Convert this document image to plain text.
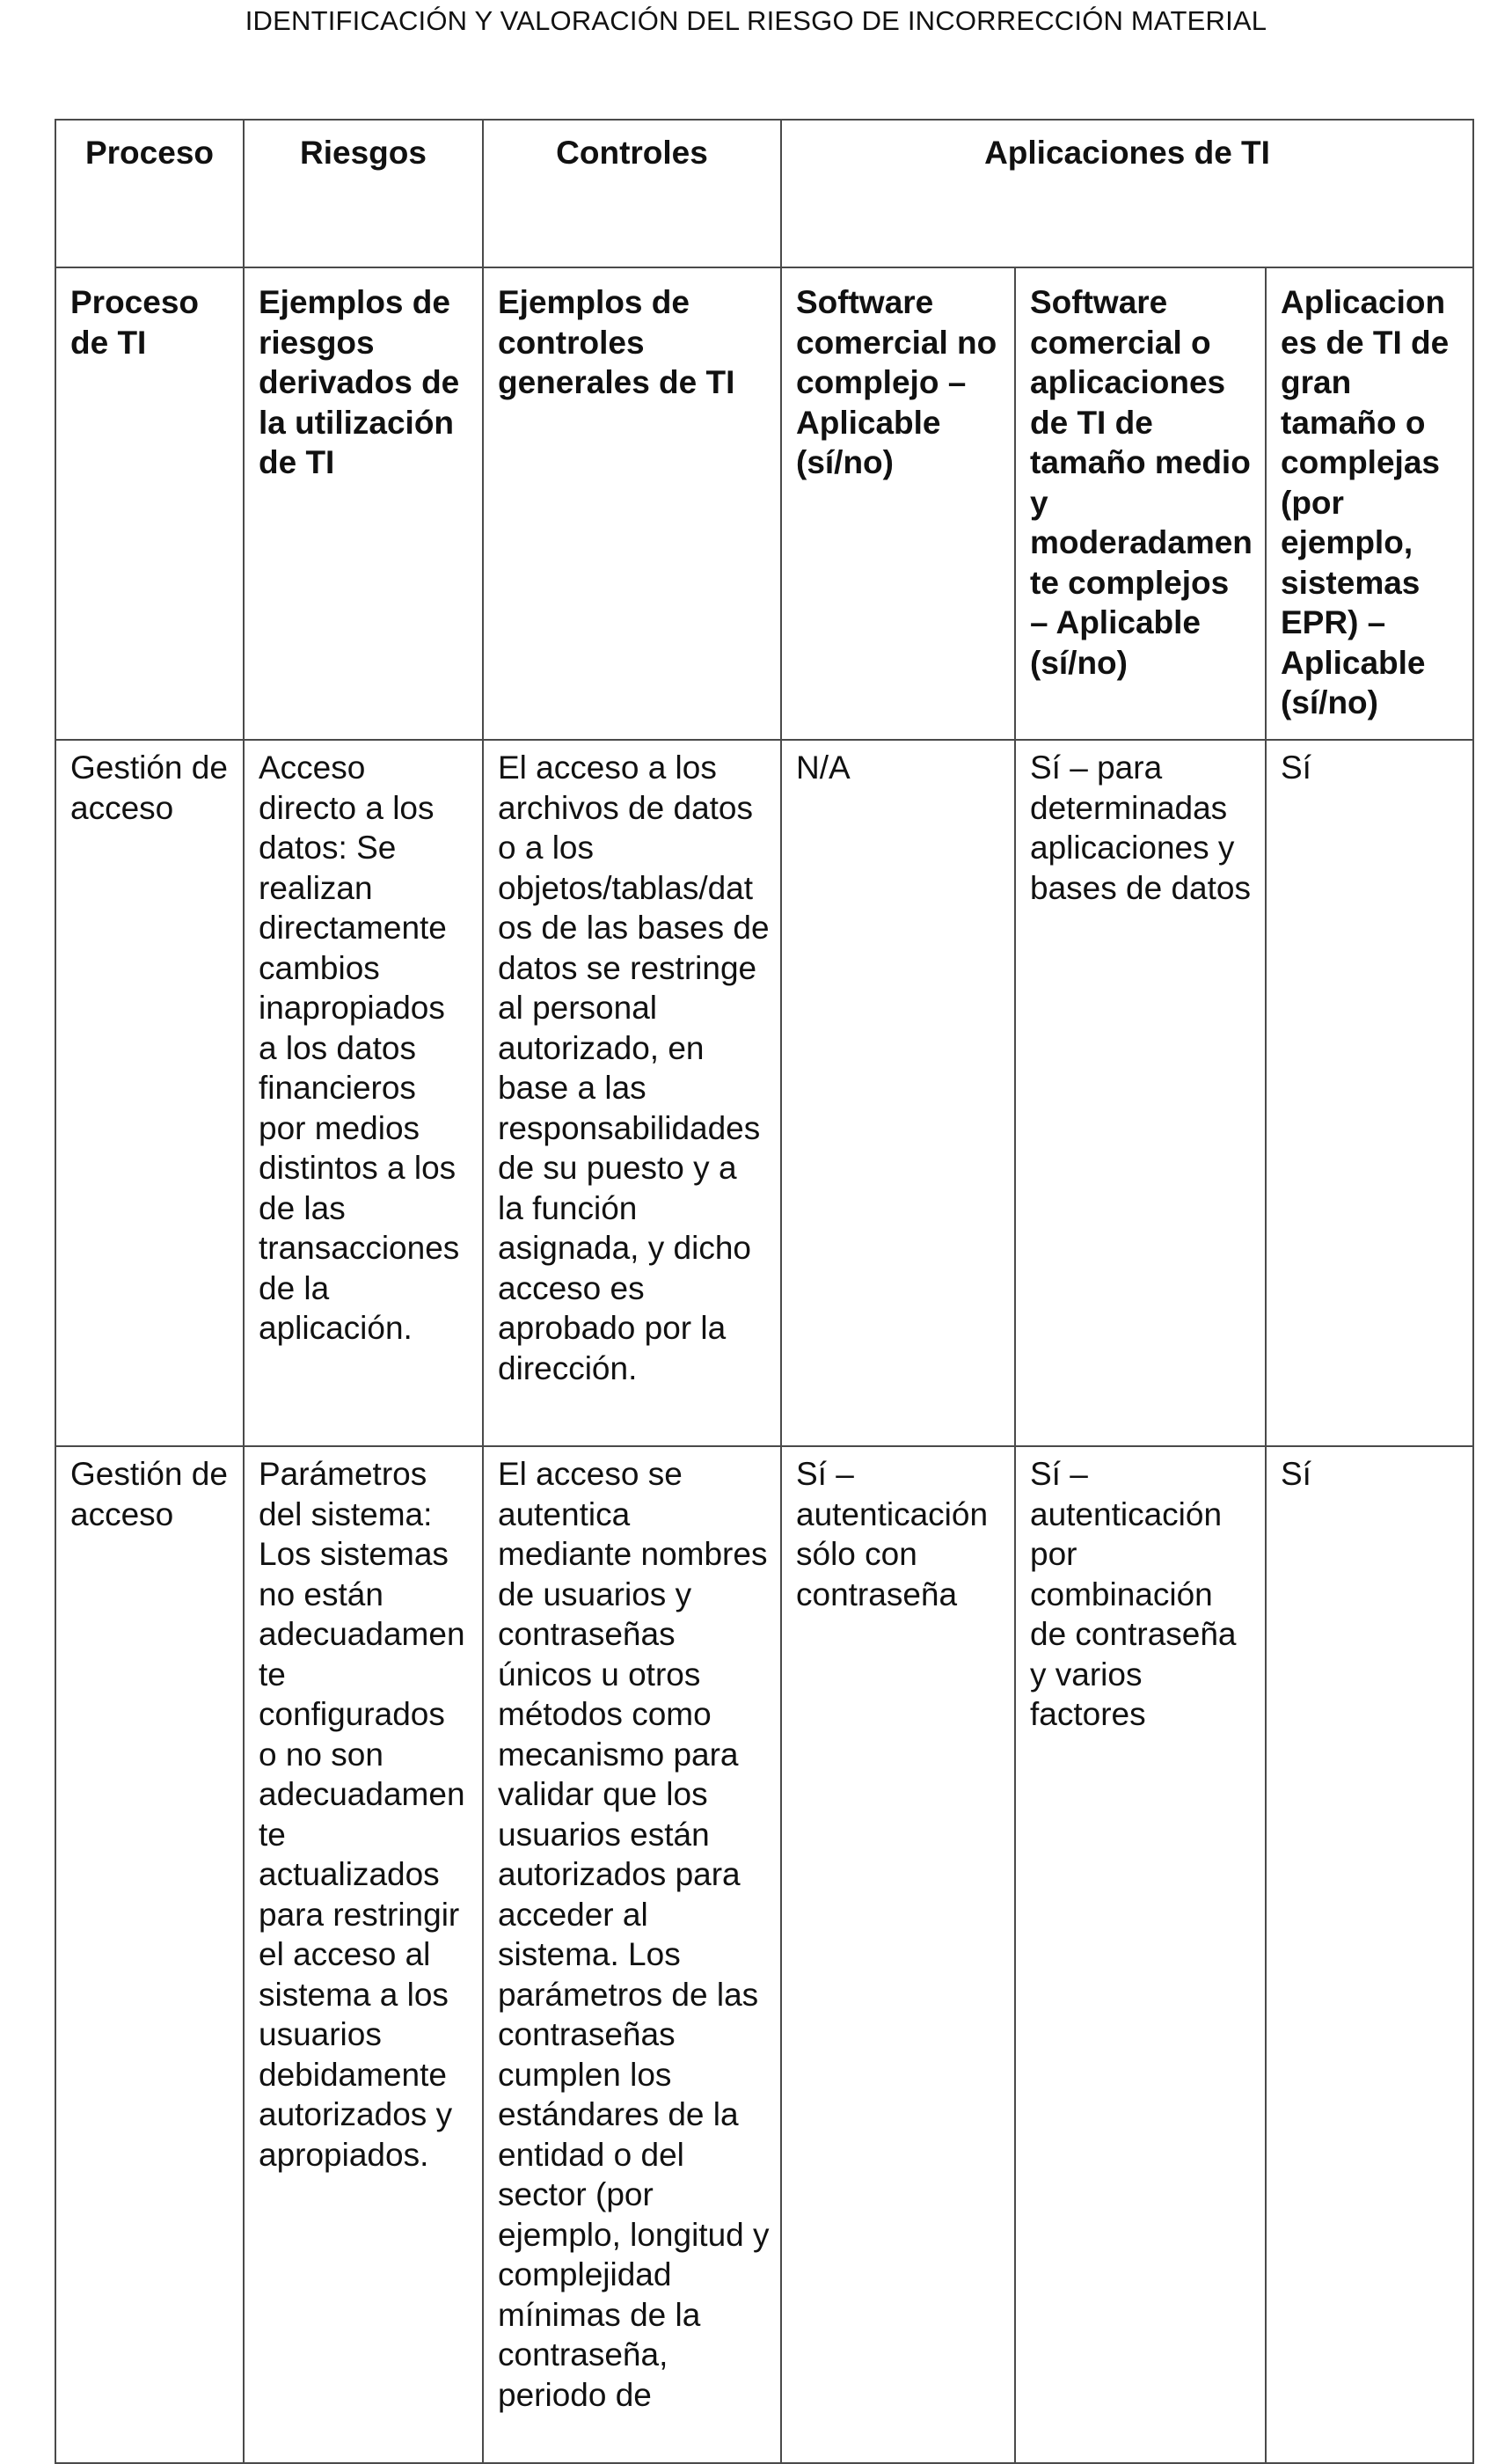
IDENTIFICACIÓN Y VALORACIÓN DEL RIESGO DE INCORRECCIÓN MATERIAL
Proceso	Riesgos	Controles	Aplicaciones de TI		
Proceso de TI	Ejemplos de riesgos derivados de la utilización de TI	Ejemplos de controles generales de TI	Software comercial no complejo – Aplicable (sí/no)	Software comercial o aplicaciones de TI de tamaño medio y moderadamente complejos – Aplicable (sí/no)	Aplicaciones de TI de gran tamaño o complejas (por ejemplo, sistemas EPR) – Aplicable (sí/no)
Gestión de acceso	Acceso directo a los datos: Se realizan directamente cambios inapropiados a los datos financieros por medios distintos a los de las transacciones de la aplicación.	El acceso a los archivos de datos o a los objetos/tablas/datos de las bases de datos se restringe al personal autorizado, en base a las responsabilidades de su puesto y a la función asignada, y dicho acceso es aprobado por la dirección.	N/A	Sí – para determinadas aplicaciones y bases de datos	Sí
Gestión de acceso	Parámetros del sistema: Los sistemas no están adecuadamente configurados o no son adecuadamente actualizados para restringir el acceso al sistema a los usuarios debidamente autorizados y apropiados.	El acceso se autentica mediante nombres de usuarios y contraseñas únicos u otros métodos como mecanismo para validar que los usuarios están autorizados para acceder al sistema. Los parámetros de las contraseñas cumplen los estándares de la entidad o del sector (por ejemplo, longitud y complejidad mínimas de la contraseña, periodo de	Sí – autenticación sólo con contraseña	Sí – autenticación por combinación de contraseña y varios factores	Sí
